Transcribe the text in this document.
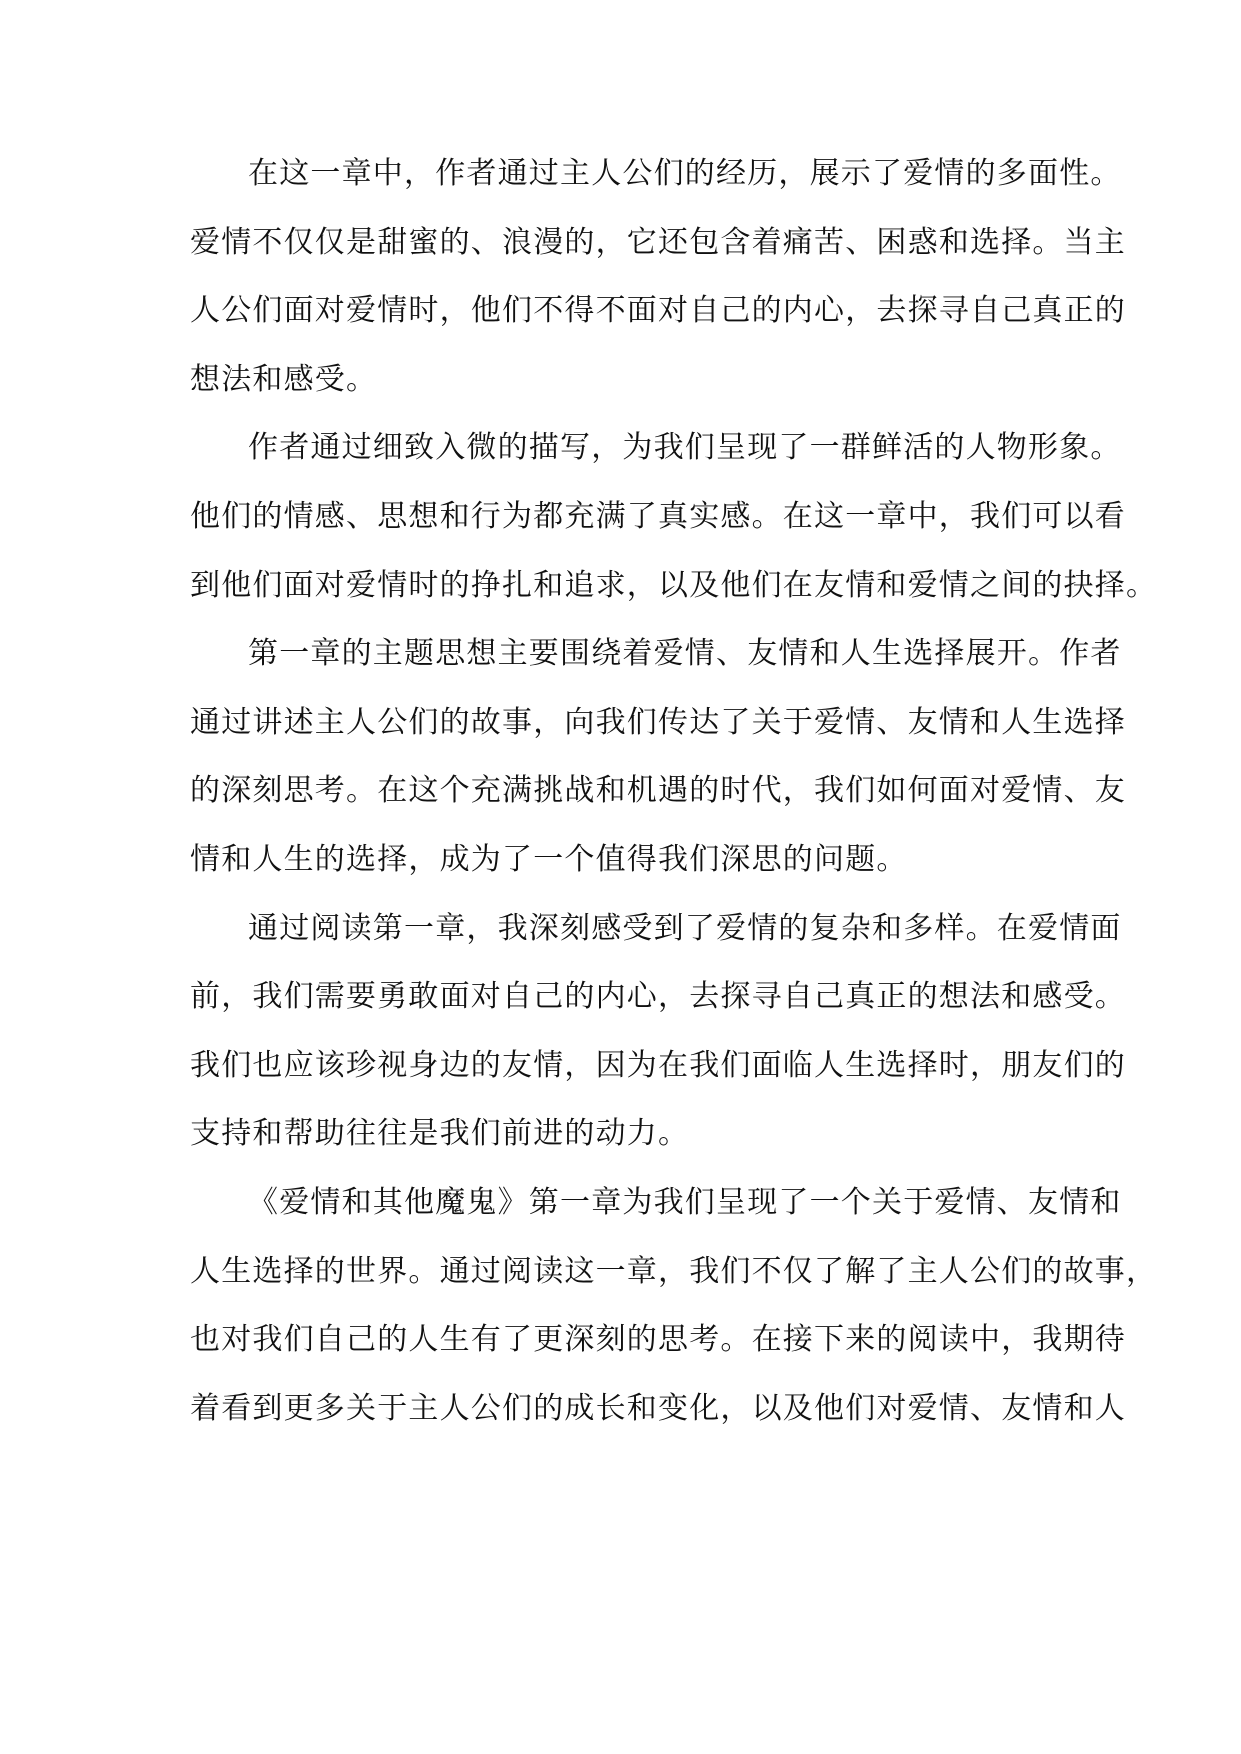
在这一章中，作者通过主人公们的经历，展示了爱情的多面性。
爱情不仅仅是甜蜜的、浪漫的，它还包含着痛苦、困惑和选择。当主
人公们面对爱情时，他们不得不面对自己的内心，去探寻自己真正的
想法和感受。
作者通过细致入微的描写，为我们呈现了一群鲜活的人物形象。
他们的情感、思想和行为都充满了真实感。在这一章中，我们可以看
到他们面对爱情时的挣扎和追求，以及他们在友情和爱情之间的抉择。
第一章的主题思想主要围绕着爱情、友情和人生选择展开。作者
通过讲述主人公们的故事，向我们传达了关于爱情、友情和人生选择
的深刻思考。在这个充满挑战和机遇的时代，我们如何面对爱情、友
情和人生的选择，成为了一个值得我们深思的问题。
通过阅读第一章，我深刻感受到了爱情的复杂和多样。在爱情面
前，我们需要勇敢面对自己的内心，去探寻自己真正的想法和感受。
我们也应该珍视身边的友情，因为在我们面临人生选择时，朋友们的
支持和帮助往往是我们前进的动力。
《爱情和其他魔鬼》第一章为我们呈现了一个关于爱情、友情和
人生选择的世界。通过阅读这一章，我们不仅了解了主人公们的故事，
也对我们自己的人生有了更深刻的思考。在接下来的阅读中，我期待
着看到更多关于主人公们的成长和变化，以及他们对爱情、友情和人
